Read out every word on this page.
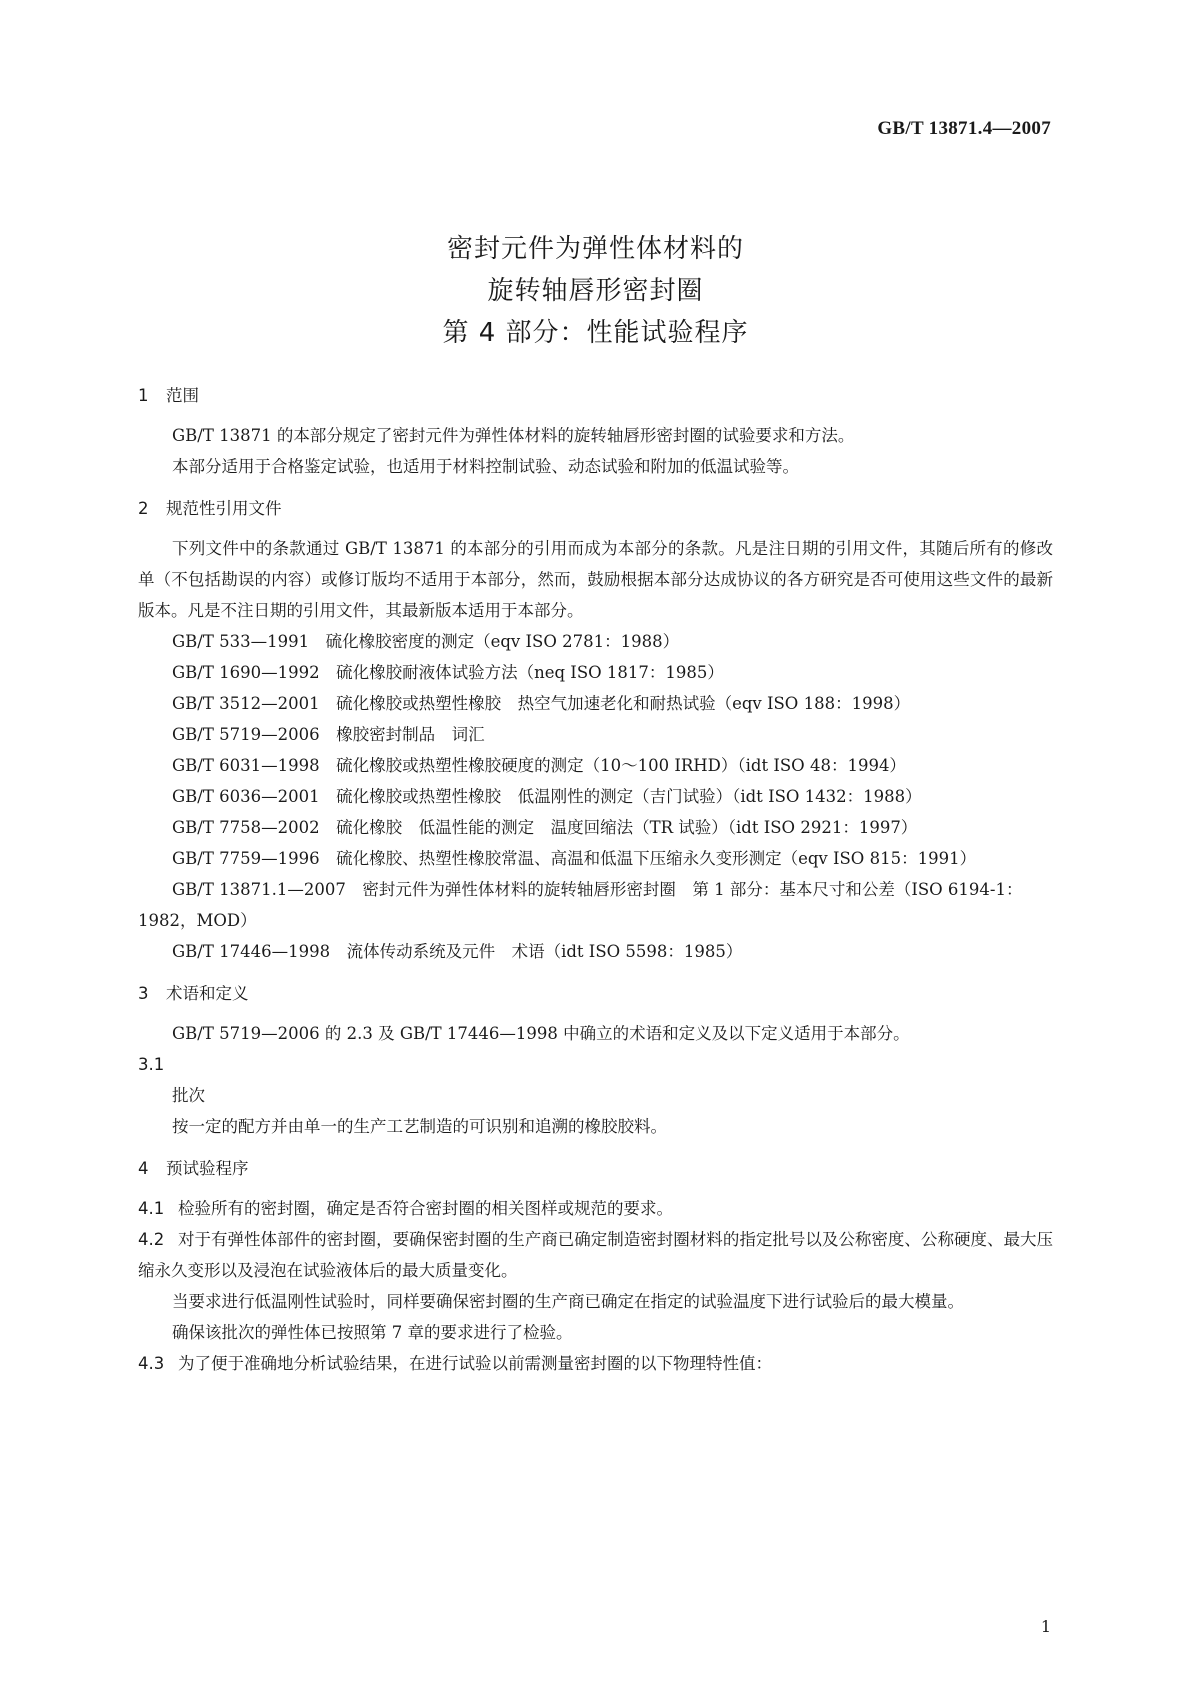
GB/T 13871.4—2007
密封元件为弹性体材料的
旋转轴唇形密封圈
第 4 部分：性能试验程序
1 范围

GB/T 13871 的本部分规定了密封元件为弹性体材料的旋转轴唇形密封圈的试验要求和方法。

本部分适用于合格鉴定试验，也适用于材料控制试验、动态试验和附加的低温试验等。

2 规范性引用文件

下列文件中的条款通过 GB/T 13871 的本部分的引用而成为本部分的条款。凡是注日期的引用文件，其随后所有的修改单（不包括勘误的内容）或修订版均不适用于本部分，然而，鼓励根据本部分达成协议的各方研究是否可使用这些文件的最新版本。凡是不注日期的引用文件，其最新版本适用于本部分。

GB/T 533—1991　硫化橡胶密度的测定（eqv ISO 2781：1988）

GB/T 1690—1992　硫化橡胶耐液体试验方法（neq ISO 1817：1985）

GB/T 3512—2001　硫化橡胶或热塑性橡胶　热空气加速老化和耐热试验（eqv ISO 188：1998）

GB/T 5719—2006　橡胶密封制品　词汇

GB/T 6031—1998　硫化橡胶或热塑性橡胶硬度的测定（10～100 IRHD）（idt ISO 48：1994）

GB/T 6036—2001　硫化橡胶或热塑性橡胶　低温刚性的测定（吉门试验）（idt ISO 1432：1988）

GB/T 7758—2002　硫化橡胶　低温性能的测定　温度回缩法（TR 试验）（idt ISO 2921：1997）

GB/T 7759—1996　硫化橡胶、热塑性橡胶常温、高温和低温下压缩永久变形测定（eqv ISO 815：1991）

GB/T 13871.1—2007　密封元件为弹性体材料的旋转轴唇形密封圈　第 1 部分：基本尺寸和公差（ISO 6194-1：1982，MOD）

GB/T 17446—1998　流体传动系统及元件　术语（idt ISO 5598：1985）

3 术语和定义

GB/T 5719—2006 的 2.3 及 GB/T 17446—1998 中确立的术语和定义及以下定义适用于本部分。

3.1

批次

按一定的配方并由单一的生产工艺制造的可识别和追溯的橡胶胶料。

4 预试验程序

4.1 检验所有的密封圈，确定是否符合密封圈的相关图样或规范的要求。

4.2 对于有弹性体部件的密封圈，要确保密封圈的生产商已确定制造密封圈材料的指定批号以及公称密度、公称硬度、最大压缩永久变形以及浸泡在试验液体后的最大质量变化。

当要求进行低温刚性试验时，同样要确保密封圈的生产商已确定在指定的试验温度下进行试验后的最大模量。

确保该批次的弹性体已按照第 7 章的要求进行了检验。

4.3 为了便于准确地分析试验结果，在进行试验以前需测量密封圈的以下物理特性值：

1
